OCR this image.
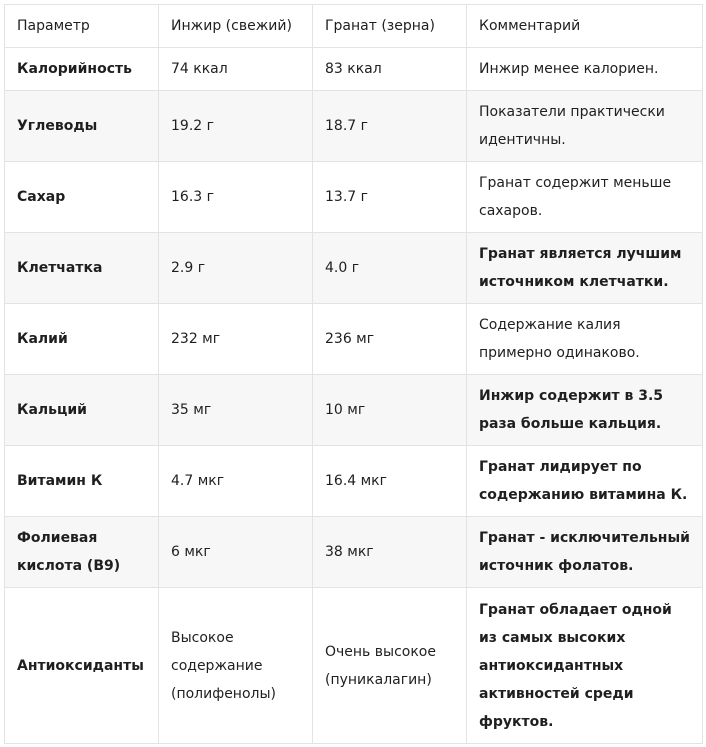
Параметр	Инжир (свежий)	Гранат (зерна)	Комментарий
Калорийность	74 ккал	83 ккал	Инжир менее калориен.
Углеводы	19.2 г	18.7 г	Показатели практически идентичны.
Сахар	16.3 г	13.7 г	Гранат содержит меньше сахаров.
Клетчатка	2.9 г	4.0 г	Гранат является лучшим источником клетчатки.
Калий	232 мг	236 мг	Содержание калия примерно одинаково.
Кальций	35 мг	10 мг	Инжир содержит в 3.5 раза больше кальция.
Витамин К	4.7 мкг	16.4 мкг	Гранат лидирует по содержанию витамина К.
Фолиевая кислота (B9)	6 мкг	38 мкг	Гранат - исключительный источник фолатов.
Антиоксиданты	Высокое содержание (полифенолы)	Очень высокое (пуникалагин)	Гранат обладает одной из самых высоких антиоксидантных активностей среди фруктов.
